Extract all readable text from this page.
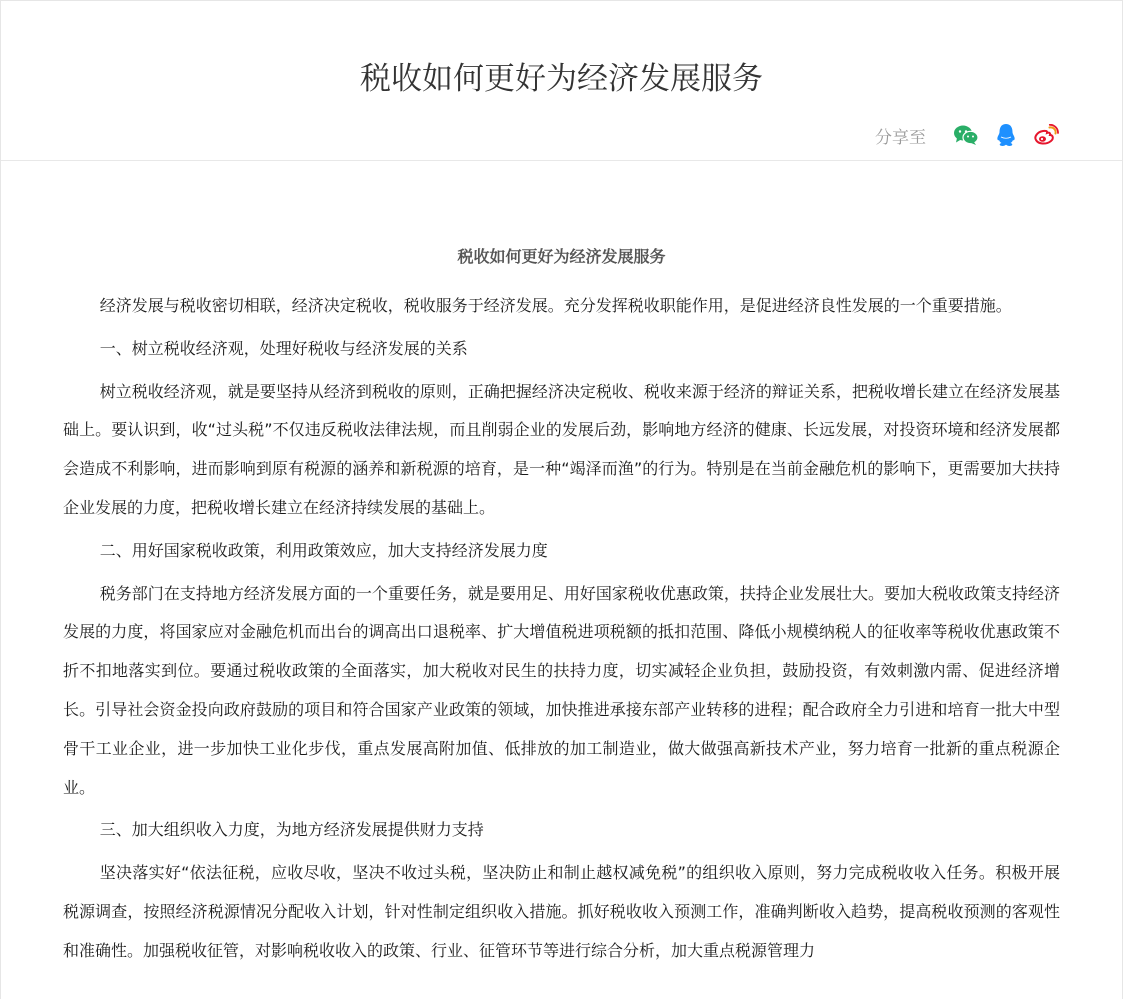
税收如何更好为经济发展服务
分享至
税收如何更好为经济发展服务

经济发展与税收密切相联，经济决定税收，税收服务于经济发展。充分发挥税收职能作用，是促进经济良性发展的一个重要措施。

一、树立税收经济观，处理好税收与经济发展的关系

树立税收经济观，就是要坚持从经济到税收的原则，正确把握经济决定税收、税收来源于经济的辩证关系，把税收增长建立在经济发展基础上。要认识到，收“过头税”不仅违反税收法律法规，而且削弱企业的发展后劲，影响地方经济的健康、长远发展，对投资环境和经济发展都会造成不利影响，进而影响到原有税源的涵养和新税源的培育，是一种“竭泽而渔”的行为。特别是在当前金融危机的影响下，更需要加大扶持企业发展的力度，把税收增长建立在经济持续发展的基础上。

二、用好国家税收政策，利用政策效应，加大支持经济发展力度

税务部门在支持地方经济发展方面的一个重要任务，就是要用足、用好国家税收优惠政策，扶持企业发展壮大。要加大税收政策支持经济发展的力度，将国家应对金融危机而出台的调高出口退税率、扩大增值税进项税额的抵扣范围、降低小规模纳税人的征收率等税收优惠政策不折不扣地落实到位。要通过税收政策的全面落实，加大税收对民生的扶持力度，切实减轻企业负担，鼓励投资，有效刺激内需、促进经济增长。引导社会资金投向政府鼓励的项目和符合国家产业政策的领域，加快推进承接东部产业转移的进程；配合政府全力引进和培育一批大中型骨干工业企业，进一步加快工业化步伐，重点发展高附加值、低排放的加工制造业，做大做强高新技术产业，努力培育一批新的重点税源企业。

三、加大组织收入力度，为地方经济发展提供财力支持

坚决落实好“依法征税，应收尽收，坚决不收过头税，坚决防止和制止越权减免税”的组织收入原则，努力完成税收收入任务。积极开展税源调查，按照经济税源情况分配收入计划，针对性制定组织收入措施。抓好税收收入预测工作，准确判断收入趋势，提高税收预测的客观性和准确性。加强税收征管，对影响税收收入的政策、行业、征管环节等进行综合分析，加大重点税源管理力
